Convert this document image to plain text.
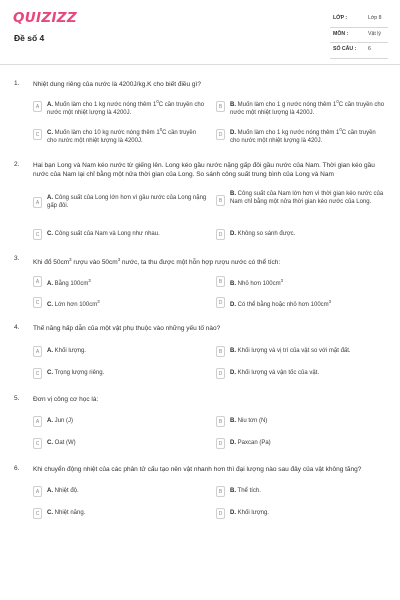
QUIZIZZ
Đề số 4
LỚP :	Lớp 8
MÔN :	Vật lý
SỐ CÂU : 6
1. Nhiệt dung riêng của nước là 4200J/kg.K cho biết điều gì?
A	A. Muốn làm cho 1 kg nước nóng thêm $1^0C$ cần truyền cho nước một nhiệt lượng là 4200J.
B	B. Muốn làm cho 1 g nước nóng thêm $1^0C$ cần truyền cho nước một nhiệt lượng là 4200J.
C	C. Muốn làm cho 10 kg nước nóng thêm $1^0C$ cần truyền cho nước một nhiệt lượng là 4200J.
D	D. Muốn làm cho 1 kg nước nóng thêm $1^0C$ cần truyền cho nước một nhiệt lượng là 420J.
2. Hai bạn Long và Nam kéo nước từ giếng lên. Long kéo gầu nước nặng gấp đôi gầu nước của Nam. Thời gian kéo gầu nước của Nam lại chỉ bằng một nửa thời gian của Long. So sánh công suất trung bình của Long và Nam
A
A. Công suất của Long lớn hơn vì gầu nước của Long nặng gấp đôi.
B
B. Công suất của Nam lớn hơn vì thời gian kéo nước của Nam chỉ bằng một nửa thời gian kéo nước của Long.
C	C. Công suất của Nam và Long như nhau.	D	D. Không so sánh được.
3.
Khi đổ $50cm^3$ rượu vào $50cm^3$ nước, ta thu được một hỗn hợp rượu nước có thể tích:
A	A. Bằng $100cm^3$	B	B. Nhỏ hơn $100cm^3$
C	C. Lớn hơn $100cm^3$	D	D. Có thể bằng hoặc nhỏ hơn $100cm^3$
4. Thế năng hấp dẫn của một vật phụ thuộc vào những yếu tố nào?
A	A. Khối lượng.	B	B. Khối lượng và vị trí của vật so với mặt đất.
C	C. Trọng lượng riêng.	D	D. Khối lượng và vận tốc của vật.
5. Đơn vị công cơ học là:
A	A. Jun (J)	B	B. Niu tơn (N)
C	C. Oat (W)	D	D. Paxcan (Pa)
6. Khi chuyển động nhiệt của các phân tử cấu tạo nên vật nhanh hơn thì đại lượng nào sau đây của vật không tăng?
A	A. Nhiệt độ.	B	B. Thể tích.
C	C. Nhiệt năng.	D	D. Khối lượng.
